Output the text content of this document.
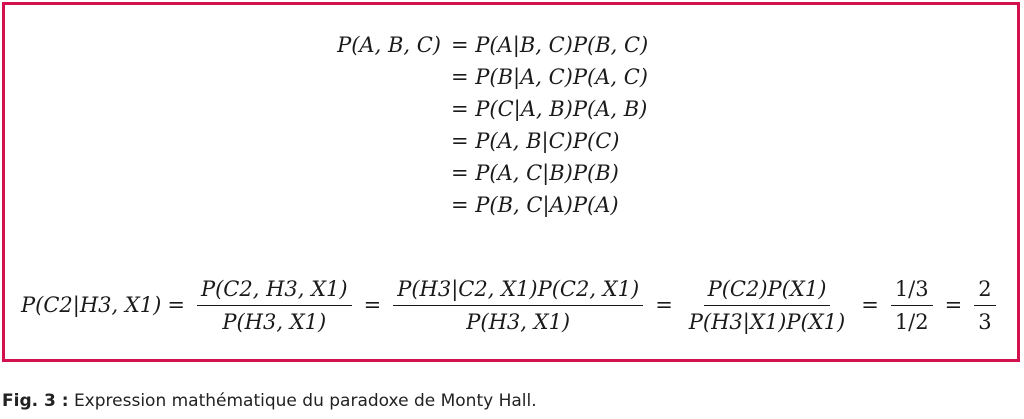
P(A, B, C) = P(A|B, C)P(B, C)
= P(B|A, C)P(A, C)
= P(C|A, B)P(A, B)
= P(A, B|C)P(C)
= P(A, C|B)P(B)
= P(B, C|A)P(A)
P(C2|H3, $X1) = \frac{P(C2, H3, X1)}{P(H3, X1)} = \frac{P(H3|C2, X1)P(C2, X1)}{P(H3, X1)} = \frac{P(C2)P(X1)}{P(H3|X1)P(X1)} = \frac{1/3}{1/2} = \frac{2}{3}$
Fig. 3 : Expression mathématique du paradoxe de Monty Hall.
